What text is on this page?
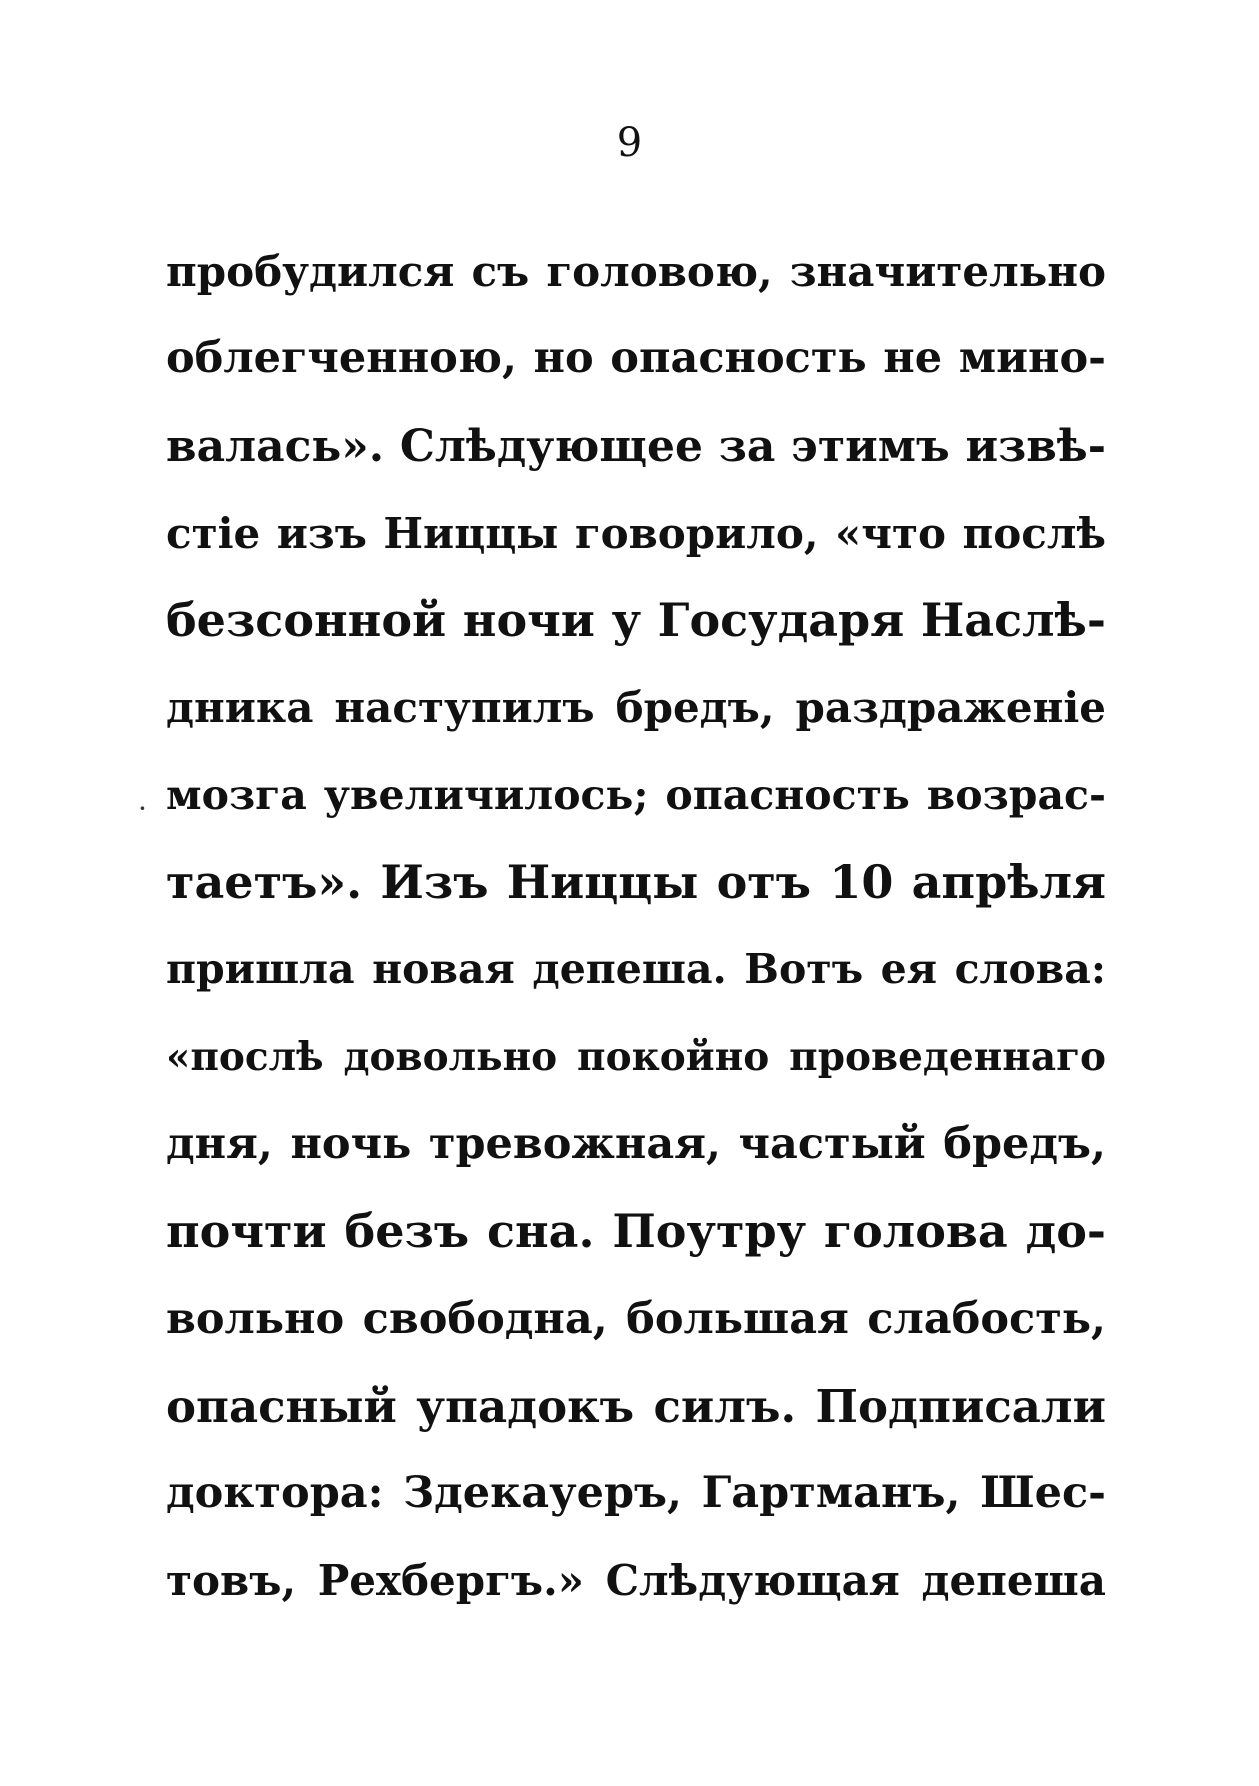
9
·
пробудился съ головою, значительно
облегченною, но опасность не мино-
валась». Слѣдующее за этимъ извѣ-
стіе изъ Ниццы говорило, «что послѣ
безсонной ночи у Государя Наслѣ-
дника наступилъ бредъ, раздраженіе
мозга увеличилось; опасность возрас-
таетъ». Изъ Ниццы отъ 10 апрѣля
пришла новая депеша. Вотъ ея слова:
«послѣ довольно покойно проведеннаго
дня, ночь тревожная, частый бредъ,
почти безъ сна. Поутру голова до-
вольно свободна, большая слабость,
опасный упадокъ силъ. Подписали
доктора: Здекауеръ, Гартманъ, Шес-
товъ, Рехбергъ.» Слѣдующая депеша
